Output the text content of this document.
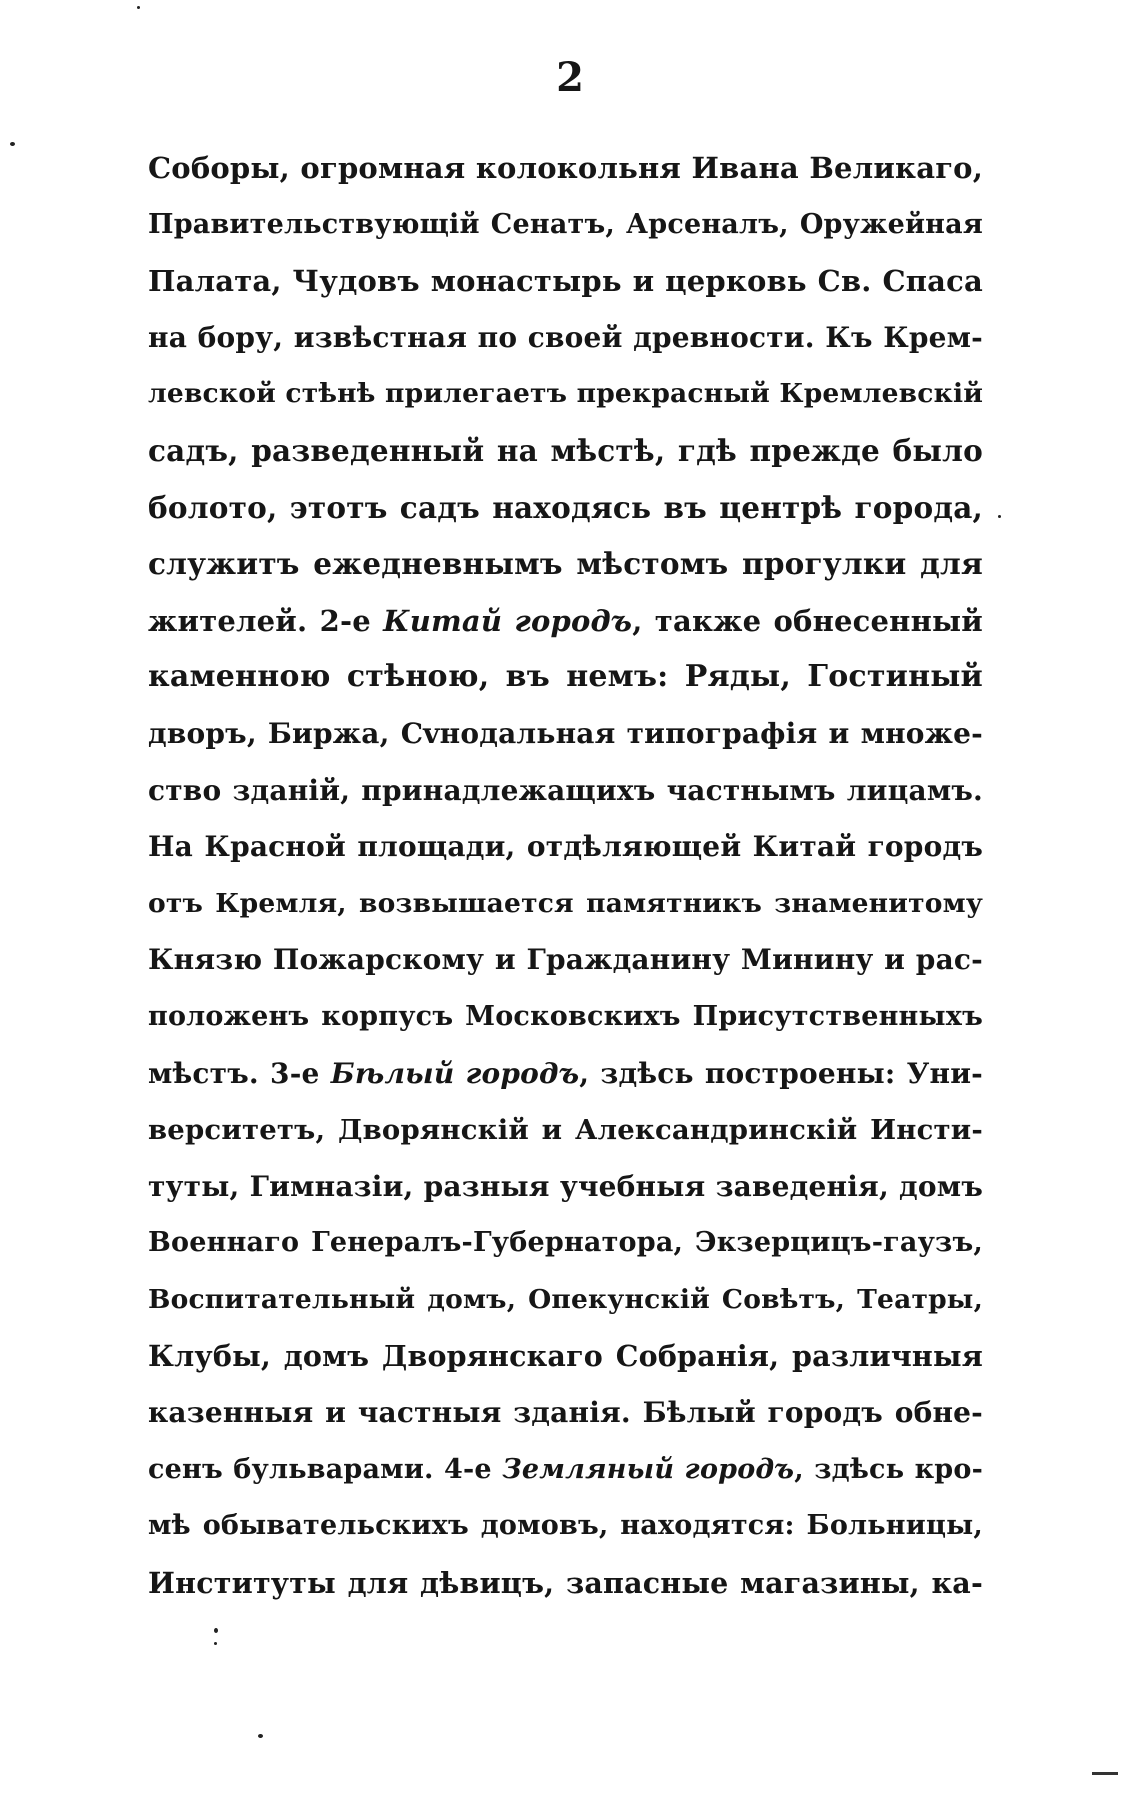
2
Соборы, огромная колокольня Ивана Великаго,
Правительствующій Сенатъ, Арсеналъ, Оружейная
Палата, Чудовъ монастырь и церковь Св. Спаса
на бору, извѣстная по своей древности. Къ Крем-
левской стѣнѣ прилегаетъ прекрасный Кремлевскій
садъ, разведенный на мѣстѣ, гдѣ прежде было
болото, этотъ садъ находясь въ центрѣ города,
служитъ ежедневнымъ мѣстомъ прогулки для
жителей. 2-е Китай городъ, также обнесенный
каменною стѣною, въ немъ: Ряды, Гостиный
дворъ, Биржа, Сvнодальная типографія и множе-
ство зданій, принадлежащихъ частнымъ лицамъ.
На Красной площади, отдѣляющей Китай городъ
отъ Кремля, возвышается памятникъ знаменитому
Князю Пожарскому и Гражданину Минину и рас-
положенъ корпусъ Московскихъ Присутственныхъ
мѣстъ. 3-е Бѣлый городъ, здѣсь построены: Уни-
верситетъ, Дворянскій и Александринскій Инсти-
туты, Гимназіи, разныя учебныя заведенія, домъ
Военнаго Генералъ-Губернатора, Экзерцицъ-гаузъ,
Воспитательный домъ, Опекунскій Совѣтъ, Театры,
Клубы, домъ Дворянскаго Собранія, различныя
казенныя и частныя зданія. Бѣлый городъ обне-
сенъ бульварами. 4-е Земляный городъ, здѣсь кро-
мѣ обывательскихъ домовъ, находятся: Больницы,
Институты для дѣвицъ, запасные магазины, ка-
